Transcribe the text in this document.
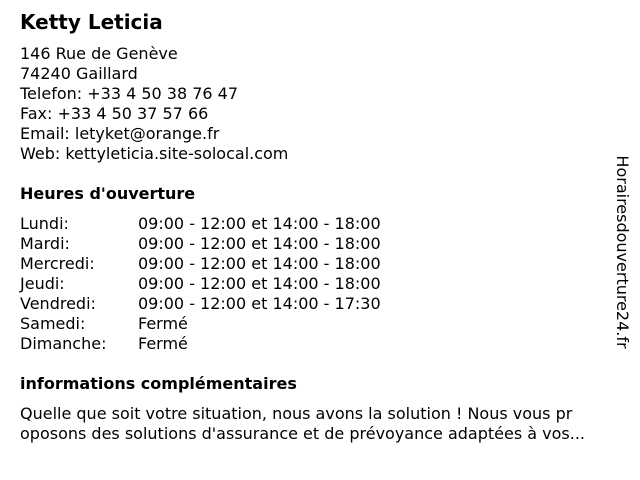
Ketty Leticia
146 Rue de Genève
74240 Gaillard
Telefon: +33 4 50 38 76 47
Fax: +33 4 50 37 57 66
Email: letyket@orange.fr
Web: kettyleticia.site-solocal.com
Heures d'ouverture
Lundi:	09:00 - 12:00 et 14:00 - 18:00
Mardi:	09:00 - 12:00 et 14:00 - 18:00
Mercredi:	09:00 - 12:00 et 14:00 - 18:00
Jeudi:	09:00 - 12:00 et 14:00 - 18:00
Vendredi:	09:00 - 12:00 et 14:00 - 17:30
Samedi:	Fermé
Dimanche: Fermé
informations complémentaires
Quelle que soit votre situation, nous avons la solution ! Nous vous pr
oposons des solutions d'assurance et de prévoyance adaptées à vos...
Horairesdouverture24.fr
